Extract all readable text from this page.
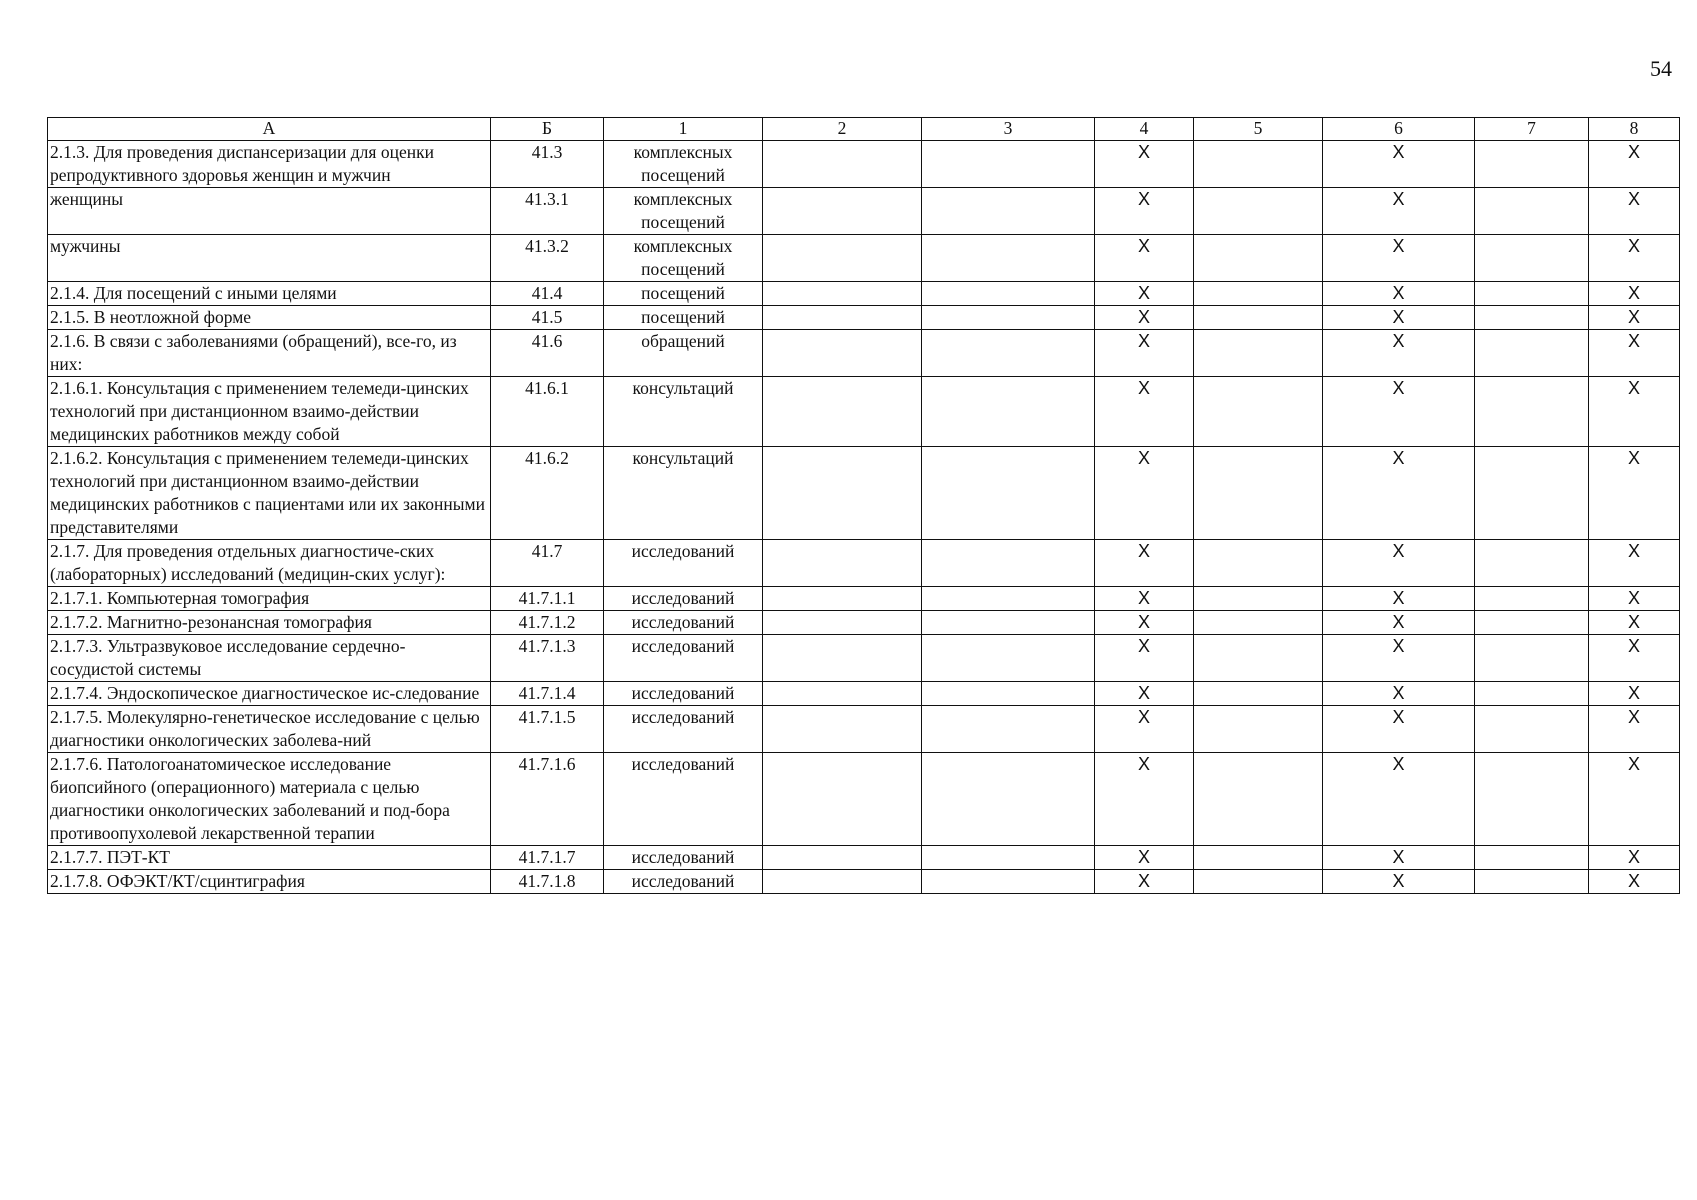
54
А	Б	1	2	3	4	5	6	7	8
2.1.3. Для проведения диспансеризации для оценки репродуктивного здоровья женщин и мужчин	41.3	комплексных посещений			X		X		X
женщины	41.3.1	комплексных посещений			X		X		X
мужчины	41.3.2	комплексных посещений			X		X		X
2.1.4. Для посещений с иными целями	41.4	посещений			X		X		X
2.1.5. В неотложной форме	41.5	посещений			X		X		X
2.1.6. В связи с заболеваниями (обращений), все-го, из них:	41.6	обращений			X		X		X
2.1.6.1. Консультация с применением телемеди-цинских технологий при дистанционном взаимо-действии медицинских работников между собой	41.6.1	консультаций			X		X		X
2.1.6.2. Консультация с применением телемеди-цинских технологий при дистанционном взаимо-действии медицинских работников с пациентами или их законными представителями	41.6.2	консультаций			X		X		X
2.1.7. Для проведения отдельных диагностиче-ских (лабораторных) исследований (медицин-ских услуг):	41.7	исследований			X		X		X
2.1.7.1. Компьютерная томография	41.7.1.1	исследований			X		X		X
2.1.7.2. Магнитно-резонансная томография	41.7.1.2	исследований			X		X		X
2.1.7.3. Ультразвуковое исследование сердечно-сосудистой системы	41.7.1.3	исследований			X		X		X
2.1.7.4. Эндоскопическое диагностическое ис-следование	41.7.1.4	исследований			X		X		X
2.1.7.5. Молекулярно-генетическое исследование с целью диагностики онкологических заболева-ний	41.7.1.5	исследований			X		X		X
2.1.7.6. Патологоанатомическое исследование биопсийного (операционного) материала с целью диагностики онкологических заболеваний и под-бора противоопухолевой лекарственной терапии	41.7.1.6	исследований			X		X		X
2.1.7.7. ПЭТ-КТ	41.7.1.7	исследований			X		X		X
2.1.7.8. ОФЭКТ/КТ/сцинтиграфия	41.7.1.8	исследований			X		X		X
